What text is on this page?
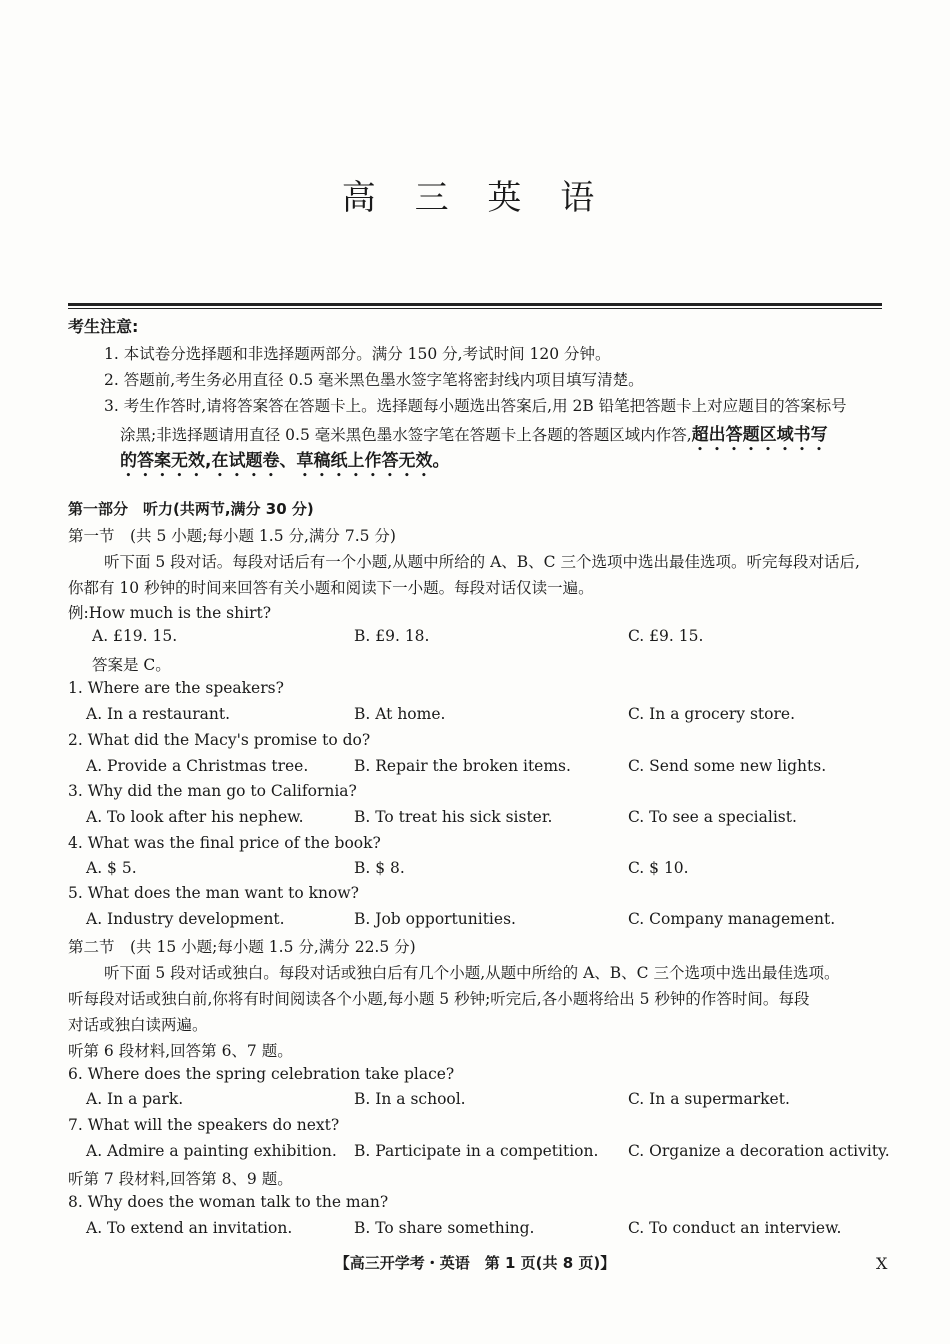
高 三 英 语
考生注意:
1. 本试卷分选择题和非选择题两部分。满分 150 分,考试时间 120 分钟。
2. 答题前,考生务必用直径 0.5 毫米黑色墨水签字笔将密封线内项目填写清楚。
3. 考生作答时,请将答案答在答题卡上。选择题每小题选出答案后,用 2B 铅笔把答题卡上对应题目的答案标号
涂黑;非选择题请用直径 0.5 毫米黑色墨水签字笔在答题卡上各题的答题区域内作答,超出答题区域书写
的答案无效,在试题卷、草稿纸上作答无效。
第一部分　听力(共两节,满分 30 分)
第一节　(共 5 小题;每小题 1.5 分,满分 7.5 分)
听下面 5 段对话。每段对话后有一个小题,从题中所给的 A、B、C 三个选项中选出最佳选项。听完每段对话后,
你都有 10 秒钟的时间来回答有关小题和阅读下一小题。每段对话仅读一遍。
例:How much is the shirt?
A. £19. 15.	B. £9. 18.	C. £9. 15.
答案是 C。
1. Where are the speakers?
A. In a restaurant.	B. At home.	C. In a grocery store.
2. What did the Macy's promise to do?
A. Provide a Christmas tree.	B. Repair the broken items.	C. Send some new lights.
3. Why did the man go to California?
A. To look after his nephew.	B. To treat his sick sister.	C. To see a specialist.
4. What was the final price of the book?
A. $ 5.	B. $ 8.	C. $ 10.
5. What does the man want to know?
A. Industry development.	B. Job opportunities.	C. Company management.
第二节　(共 15 小题;每小题 1.5 分,满分 22.5 分)
听下面 5 段对话或独白。每段对话或独白后有几个小题,从题中所给的 A、B、C 三个选项中选出最佳选项。
听每段对话或独白前,你将有时间阅读各个小题,每小题 5 秒钟;听完后,各小题将给出 5 秒钟的作答时间。每段
对话或独白读两遍。
听第 6 段材料,回答第 6、7 题。
6. Where does the spring celebration take place?
A. In a park.	B. In a school.	C. In a supermarket.
7. What will the speakers do next?
A. Admire a painting exhibition. B. Participate in a competition. C. Organize a decoration activity.
听第 7 段材料,回答第 8、9 题。
8. Why does the woman talk to the man?
A. To extend an invitation.	B. To share something.	C. To conduct an interview.
【高三开学考・英语　第 1 页(共 8 页)】	X
